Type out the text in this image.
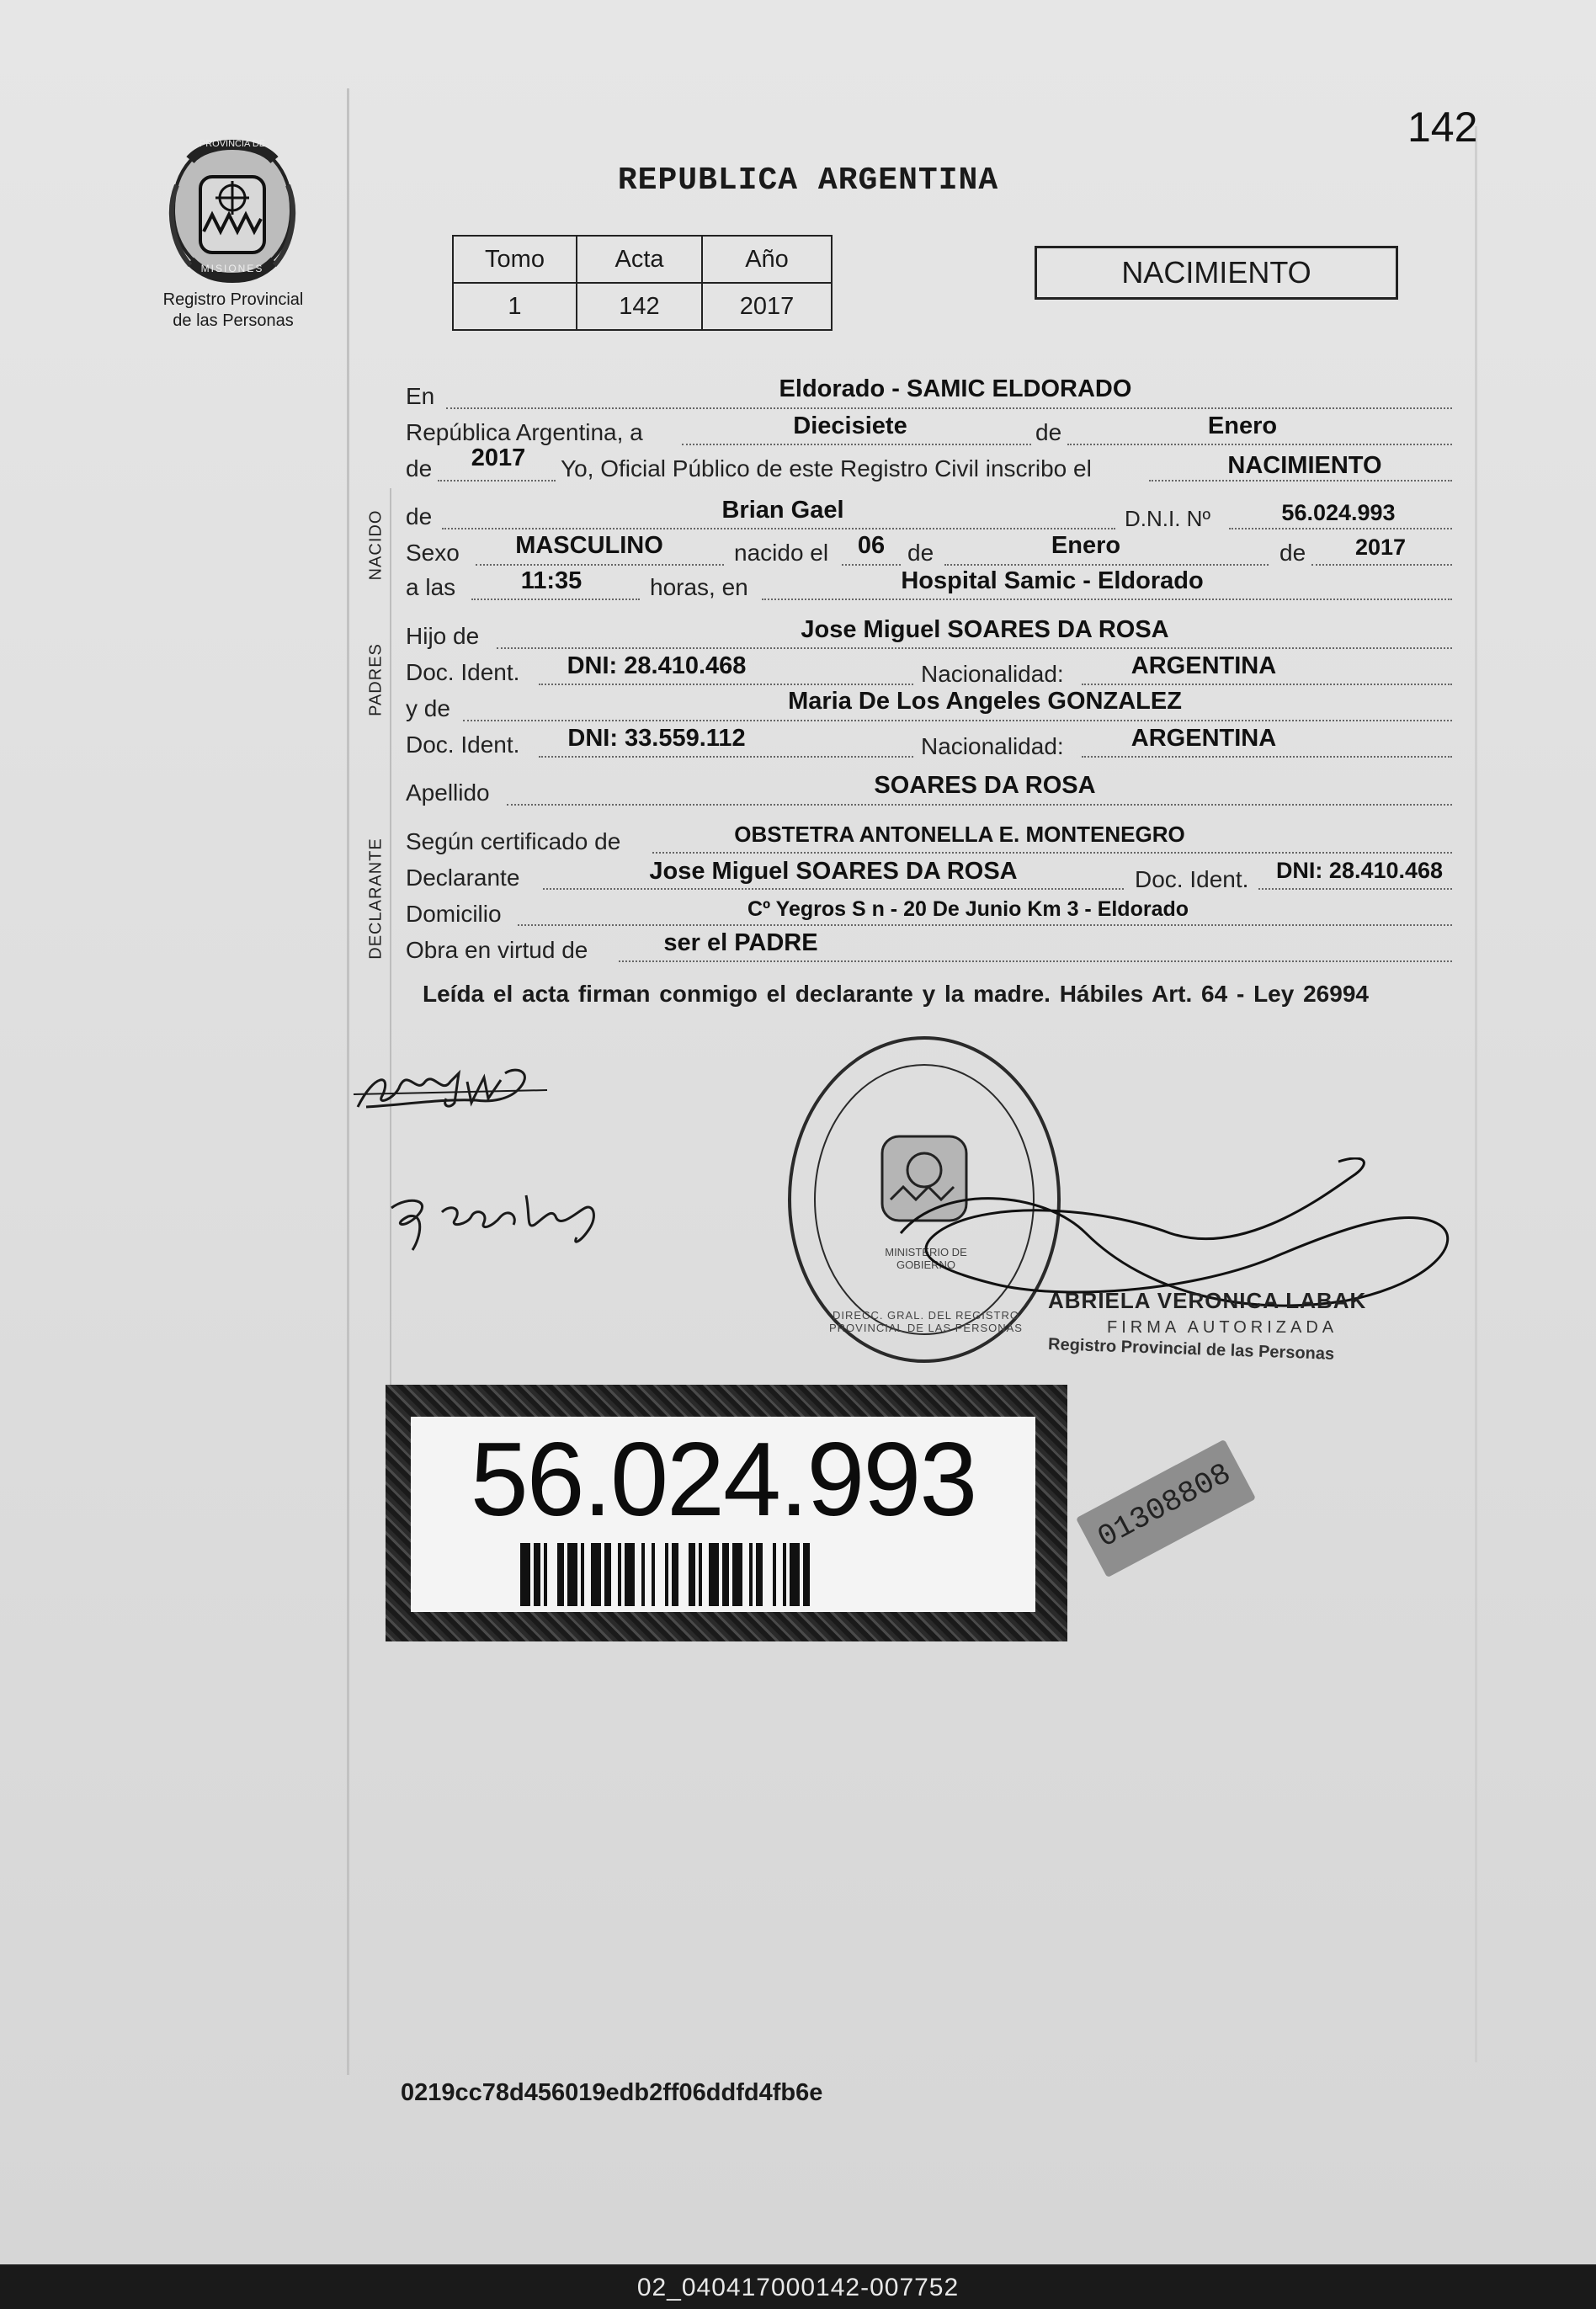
142
PROVINCIA DE
MISIONES
Registro Provincial
de las Personas
REPUBLICA ARGENTINA
Tomo	Acta	Año
1	142	2017
NACIMIENTO
En	Eldorado - SAMIC ELDORADO
República Argentina, a	Diecisiete	de	Enero
de	2017	Yo, Oficial Público de este Registro Civil inscribo el	NACIMIENTO
NACIDO de	Brian Gael	D.N.I. Nº	56.024.993
Sexo	MASCULINO	nacido el	06 de	Enero	de	2017
a las	11:35	horas, en	Hospital Samic - Eldorado
PADRES
Hijo de	Jose Miguel SOARES DA ROSA
Doc. Ident.	DNI: 28.410.468	Nacionalidad:	ARGENTINA
y de	Maria De Los Angeles GONZALEZ
Doc. Ident.	DNI: 33.559.112	Nacionalidad:	ARGENTINA
Apellido	SOARES DA ROSA
DECLARANTE Según certificado de	OBSTETRA ANTONELLA E. MONTENEGRO
Declarante	Jose Miguel SOARES DA ROSA	Doc. Ident.	DNI: 28.410.468
Domicilio	Cº Yegros S n - 20 De Junio Km 3 - Eldorado
Obra en virtud de	ser el PADRE
Leída el acta firman conmigo el declarante y la madre. Hábiles Art. 64 - Ley 26994
DIRECC. GRAL. DEL REGISTRO PROVINCIAL DE LAS PERSONAS
MINISTERIO DE GOBIERNO
ABRIELA VERONICA LABAK
FIRMA AUTORIZADA
Registro Provincial de las Personas
56.024.993	01308808
0219cc78d456019edb2ff06ddfd4fb6e
02_040417000142-007752
